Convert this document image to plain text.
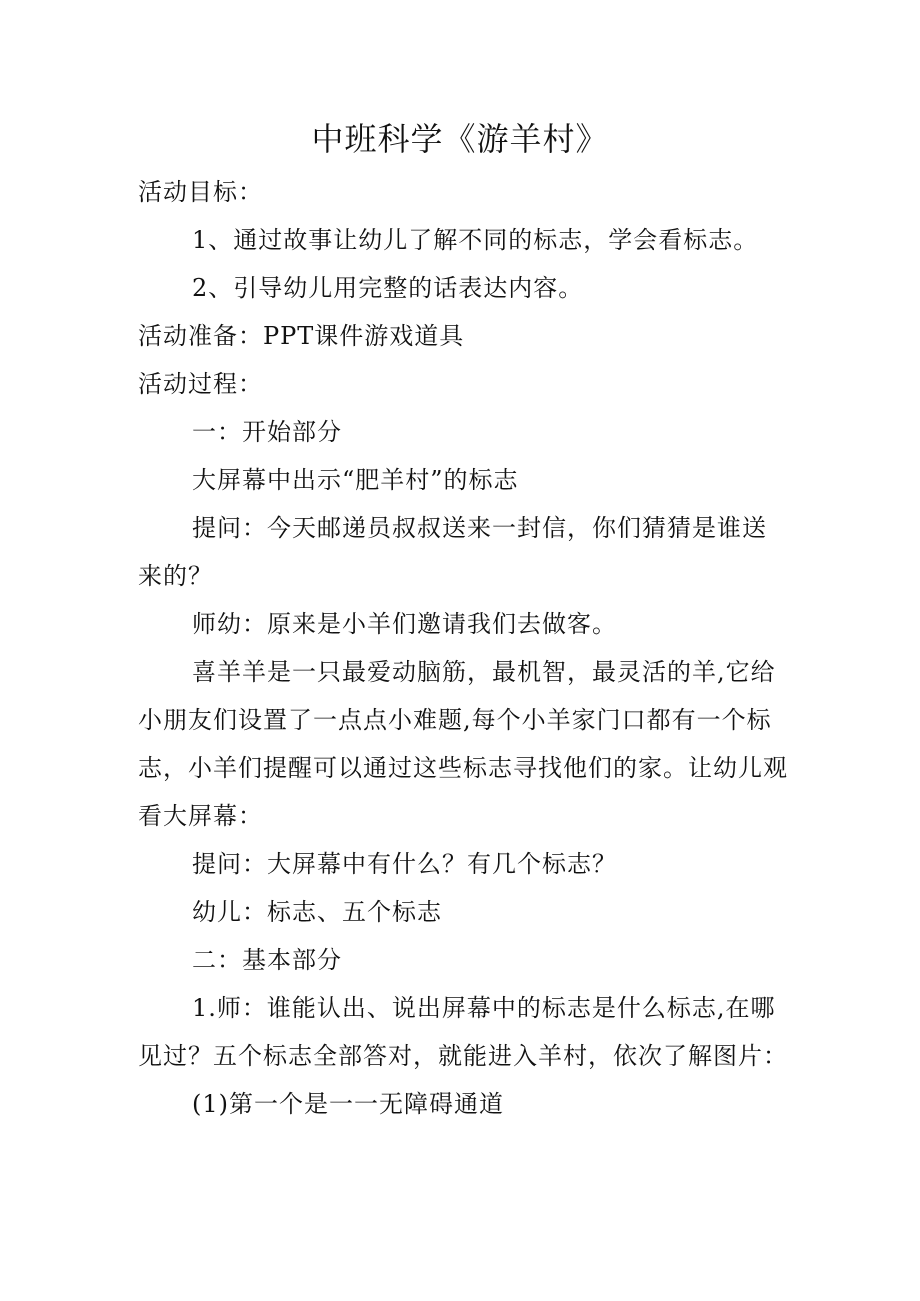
中班科学《游羊村》

活动目标：

1、通过故事让幼儿了解不同的标志，学会看标志。

2、引导幼儿用完整的话表达内容。

活动准备：PPT课件游戏道具

活动过程：

一：开始部分

大屏幕中出示“肥羊村”的标志

提问：今天邮递员叔叔送来一封信，你们猜猜是谁送来的？

师幼：原来是小羊们邀请我们去做客。

喜羊羊是一只最爱动脑筋，最机智，最灵活的羊,它给小朋友们设置了一点点小难题,每个小羊家门口都有一个标志，小羊们提醒可以通过这些标志寻找他们的家。让幼儿观看大屏幕：

提问：大屏幕中有什么？有几个标志？

幼儿：标志、五个标志

二：基本部分

1.师：谁能认出、说出屏幕中的标志是什么标志,在哪见过？五个标志全部答对，就能进入羊村，依次了解图片：

(1)第一个是一一无障碍通道
